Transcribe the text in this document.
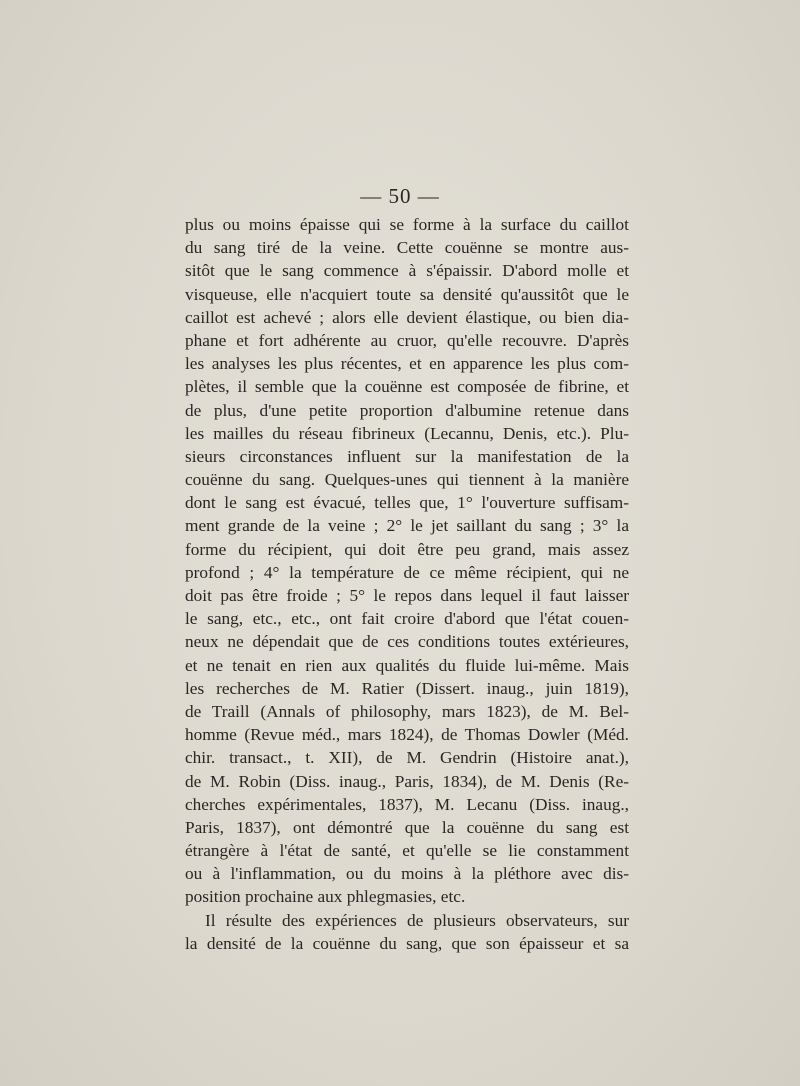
— 50 —
plus ou moins épaisse qui se forme à la surface du caillot
du sang tiré de la veine. Cette couënne se montre aus-
sitôt que le sang commence à s'épaissir. D'abord molle et
visqueuse, elle n'acquiert toute sa densité qu'aussitôt que le
caillot est achevé ; alors elle devient élastique, ou bien dia-
phane et fort adhérente au cruor, qu'elle recouvre. D'après
les analyses les plus récentes, et en apparence les plus com-
plètes, il semble que la couënne est composée de fibrine, et
de plus, d'une petite proportion d'albumine retenue dans
les mailles du réseau fibrineux (Lecannu, Denis, etc.). Plu-
sieurs circonstances influent sur la manifestation de la
couënne du sang. Quelques-unes qui tiennent à la manière
dont le sang est évacué, telles que, 1° l'ouverture suffisam-
ment grande de la veine ; 2° le jet saillant du sang ; 3° la
forme du récipient, qui doit être peu grand, mais assez
profond ; 4° la température de ce même récipient, qui ne
doit pas être froide ; 5° le repos dans lequel il faut laisser
le sang, etc., etc., ont fait croire d'abord que l'état couen-
neux ne dépendait que de ces conditions toutes extérieures,
et ne tenait en rien aux qualités du fluide lui-même. Mais
les recherches de M. Ratier (Dissert. inaug., juin 1819),
de Traill (Annals of philosophy, mars 1823), de M. Bel-
homme (Revue méd., mars 1824), de Thomas Dowler (Méd.
chir. transact., t. XII), de M. Gendrin (Histoire anat.),
de M. Robin (Diss. inaug., Paris, 1834), de M. Denis (Re-
cherches expérimentales, 1837), M. Lecanu (Diss. inaug.,
Paris, 1837), ont démontré que la couënne du sang est
étrangère à l'état de santé, et qu'elle se lie constamment
ou à l'inflammation, ou du moins à la pléthore avec dis-
position prochaine aux phlegmasies, etc.
Il résulte des expériences de plusieurs observateurs, sur
la densité de la couënne du sang, que son épaisseur et sa
